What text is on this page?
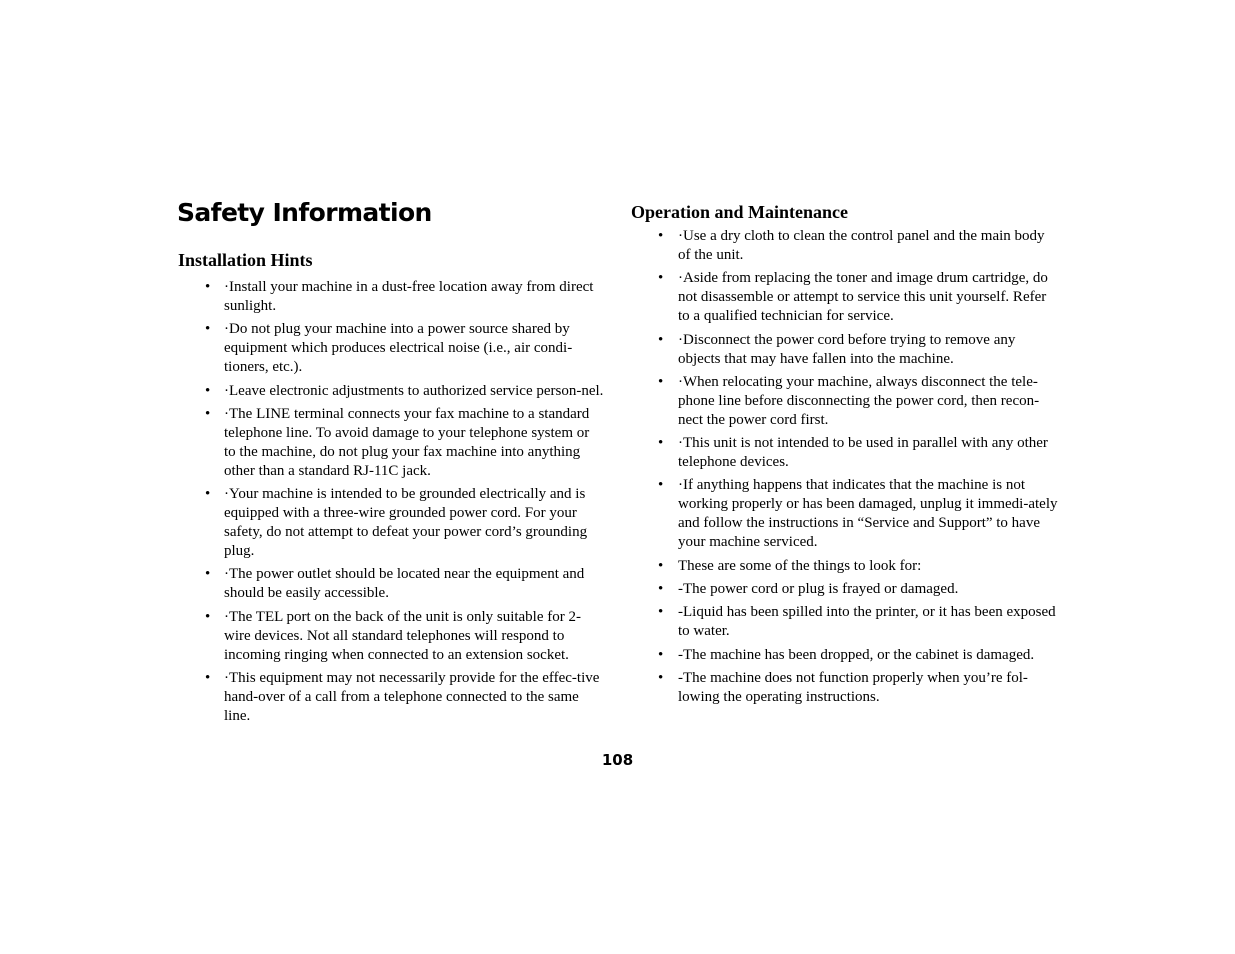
Safety Information
Installation Hints
• ·Install your machine in a dust-free location away from direct sunlight.
• ·Do not plug your machine into a power source shared by equipment which produces electrical noise (i.e., air condi-tioners, etc.).
• ·Leave electronic adjustments to authorized service person-nel.
• ·The LINE terminal connects your fax machine to a standard telephone line. To avoid damage to your telephone system or to the machine, do not plug your fax machine into anything other than a standard RJ-11C jack.
• ·Your machine is intended to be grounded electrically and is equipped with a three-wire grounded power cord. For your safety, do not attempt to defeat your power cord’s grounding plug.
• ·The power outlet should be located near the equipment and should be easily accessible.
• ·The TEL port on the back of the unit is only suitable for 2-wire devices. Not all standard telephones will respond to incoming ringing when connected to an extension socket.
• ·This equipment may not necessarily provide for the effec-tive hand-over of a call from a telephone connected to the same line.
Operation and Maintenance
• ·Use a dry cloth to clean the control panel and the main body of the unit.
• ·Aside from replacing the toner and image drum cartridge, do not disassemble or attempt to service this unit yourself. Refer to a qualified technician for service.
• ·Disconnect the power cord before trying to remove any objects that may have fallen into the machine.
• ·When relocating your machine, always disconnect the tele-phone line before disconnecting the power cord, then recon-nect the power cord first.
• ·This unit is not intended to be used in parallel with any other telephone devices.
• ·If anything happens that indicates that the machine is not working properly or has been damaged, unplug it immedi-ately and follow the instructions in “Service and Support” to have your machine serviced.
• These are some of the things to look for:
• -The power cord or plug is frayed or damaged.
• -Liquid has been spilled into the printer, or it has been exposed to water.
• -The machine has been dropped, or the cabinet is damaged.
• -The machine does not function properly when you’re fol-lowing the operating instructions.
108
